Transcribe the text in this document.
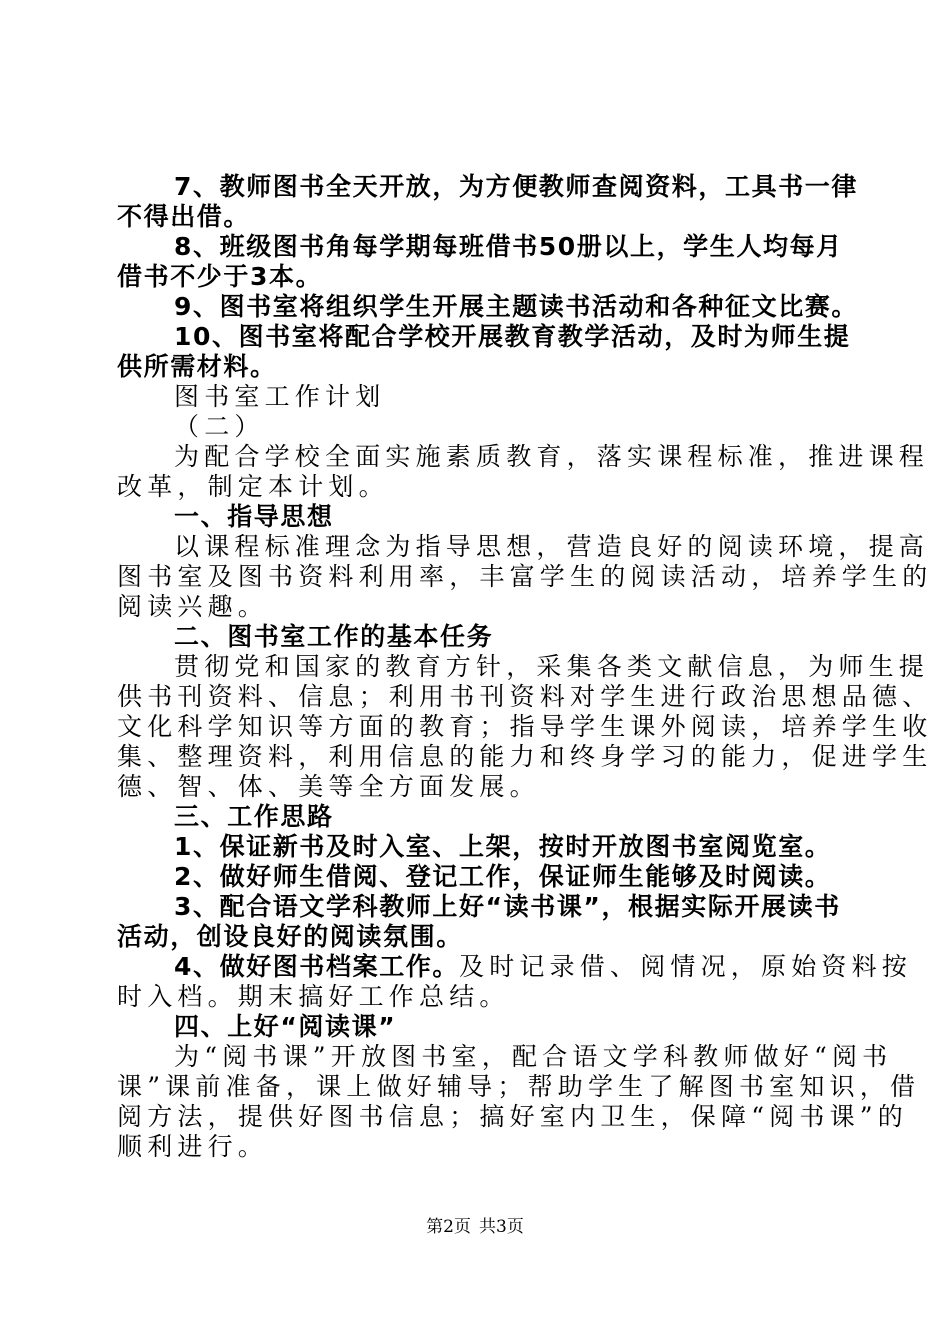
7、教师图书全天开放，为方便教师查阅资料，工具书一律
不得出借。
8、班级图书角每学期每班借书50册以上，学生人均每月
借书不少于3本。
9、图书室将组织学生开展主题读书活动和各种征文比赛。
10、图书室将配合学校开展教育教学活动，及时为师生提
供所需材料。
图书室工作计划
（二）
为配合学校全面实施素质教育，落实课程标准，推进课程
改革，制定本计划。
一、指导思想
以课程标准理念为指导思想，营造良好的阅读环境，提高
图书室及图书资料利用率，丰富学生的阅读活动，培养学生的
阅读兴趣。
二、图书室工作的基本任务
贯彻党和国家的教育方针，采集各类文献信息，为师生提
供书刊资料、信息；利用书刊资料对学生进行政治思想品德、
文化科学知识等方面的教育；指导学生课外阅读，培养学生收
集、整理资料，利用信息的能力和终身学习的能力，促进学生
德、智、体、美等全方面发展。
三、工作思路
1、保证新书及时入室、上架，按时开放图书室阅览室。
2、做好师生借阅、登记工作，保证师生能够及时阅读。
3、配合语文学科教师上好“读书课”，根据实际开展读书
活动，创设良好的阅读氛围。
4、做好图书档案工作。及时记录借、阅情况，原始资料按
时入档。期末搞好工作总结。
四、上好“阅读课”
为“阅书课”开放图书室，配合语文学科教师做好“阅书
课”课前准备，课上做好辅导；帮助学生了解图书室知识，借
阅方法，提供好图书信息；搞好室内卫生，保障“阅书课”的
顺利进行。
第2页 共3页
